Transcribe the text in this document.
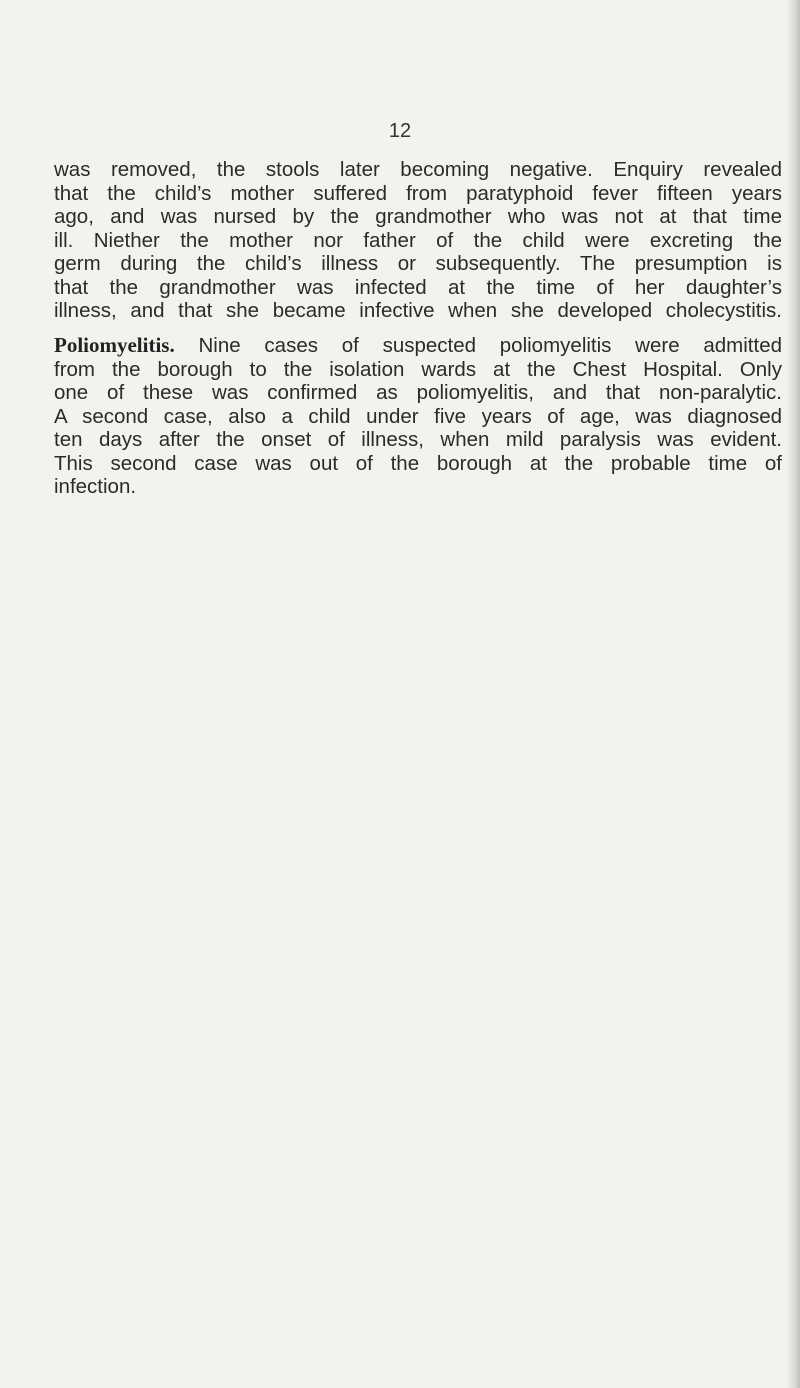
12
was removed, the stools later becoming negative. Enquiry revealed
that the child’s mother suffered from paratyphoid fever fifteen years
ago, and was nursed by the grandmother who was not at that time
ill. Niether the mother nor father of the child were excreting the
germ during the child’s illness or subsequently. The presumption is
that the grandmother was infected at the time of her daughter’s
illness, and that she became infective when she developed cholecystitis.
Poliomyelitis. Nine cases of suspected poliomyelitis were admitted
from the borough to the isolation wards at the Chest Hospital. Only
one of these was confirmed as poliomyelitis, and that non-paralytic.
A second case, also a child under five years of age, was diagnosed
ten days after the onset of illness, when mild paralysis was evident.
This second case was out of the borough at the probable time of
infection.
